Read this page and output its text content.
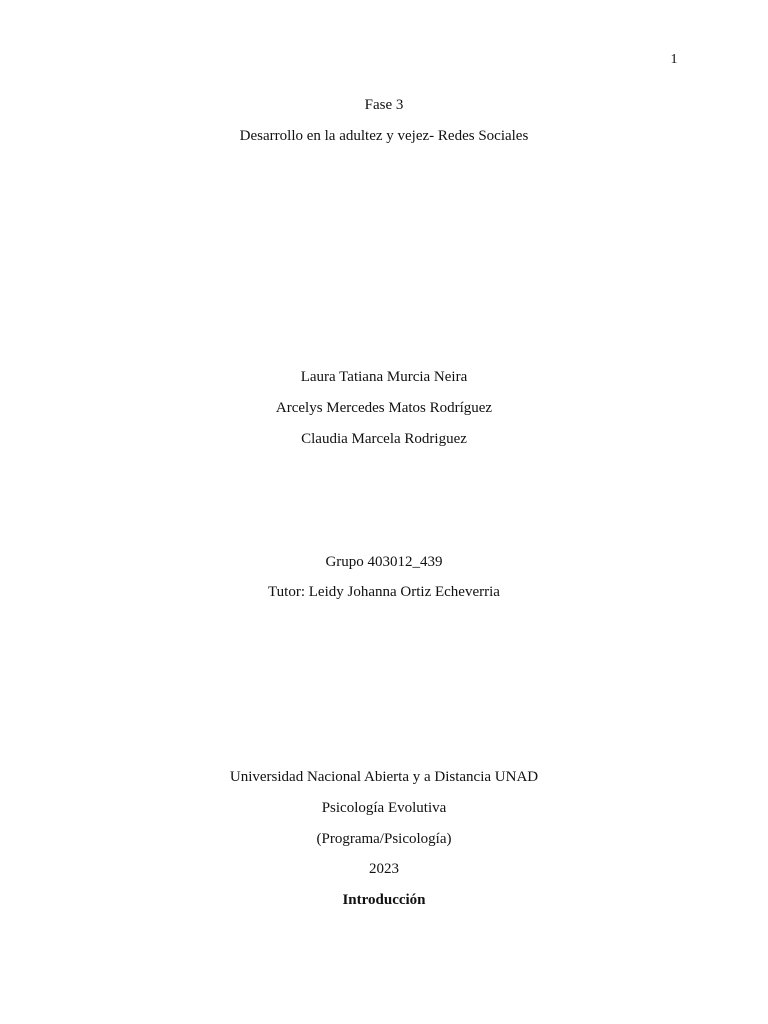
1
Fase 3
Desarrollo en la adultez y vejez- Redes Sociales
Laura Tatiana Murcia Neira
Arcelys Mercedes Matos Rodríguez
Claudia Marcela Rodriguez
Grupo 403012_439
Tutor: Leidy Johanna Ortiz Echeverria
Universidad Nacional Abierta y a Distancia UNAD
Psicología Evolutiva
(Programa/Psicología)
2023
Introducción
